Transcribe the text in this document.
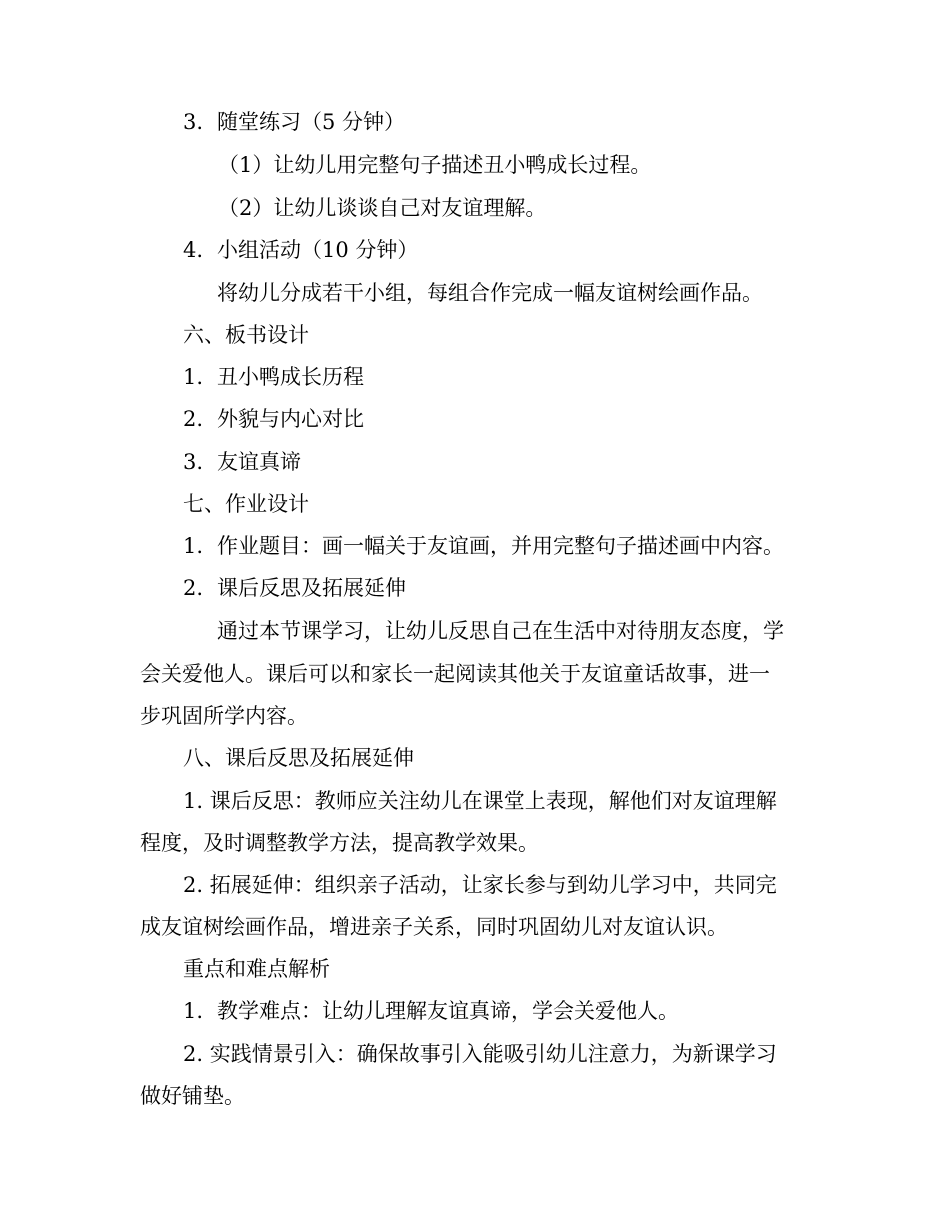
3. 随堂练习（5 分钟）
（1）让幼儿用完整句子描述丑小鸭成长过程。
（2）让幼儿谈谈自己对友谊理解。
4. 小组活动（10 分钟）
将幼儿分成若干小组，每组合作完成一幅友谊树绘画作品。
六、板书设计
1. 丑小鸭成长历程
2. 外貌与内心对比
3. 友谊真谛
七、作业设计
1. 作业题目：画一幅关于友谊画，并用完整句子描述画中内容。
2. 课后反思及拓展延伸
通过本节课学习，让幼儿反思自己在生活中对待朋友态度，学
会关爱他人。课后可以和家长一起阅读其他关于友谊童话故事，进一
步巩固所学内容。
八、课后反思及拓展延伸
1. 课后反思：教师应关注幼儿在课堂上表现，解他们对友谊理解
程度，及时调整教学方法，提高教学效果。
2. 拓展延伸：组织亲子活动，让家长参与到幼儿学习中，共同完
成友谊树绘画作品，增进亲子关系，同时巩固幼儿对友谊认识。
重点和难点解析
1. 教学难点：让幼儿理解友谊真谛，学会关爱他人。
2. 实践情景引入：确保故事引入能吸引幼儿注意力，为新课学习
做好铺垫。
